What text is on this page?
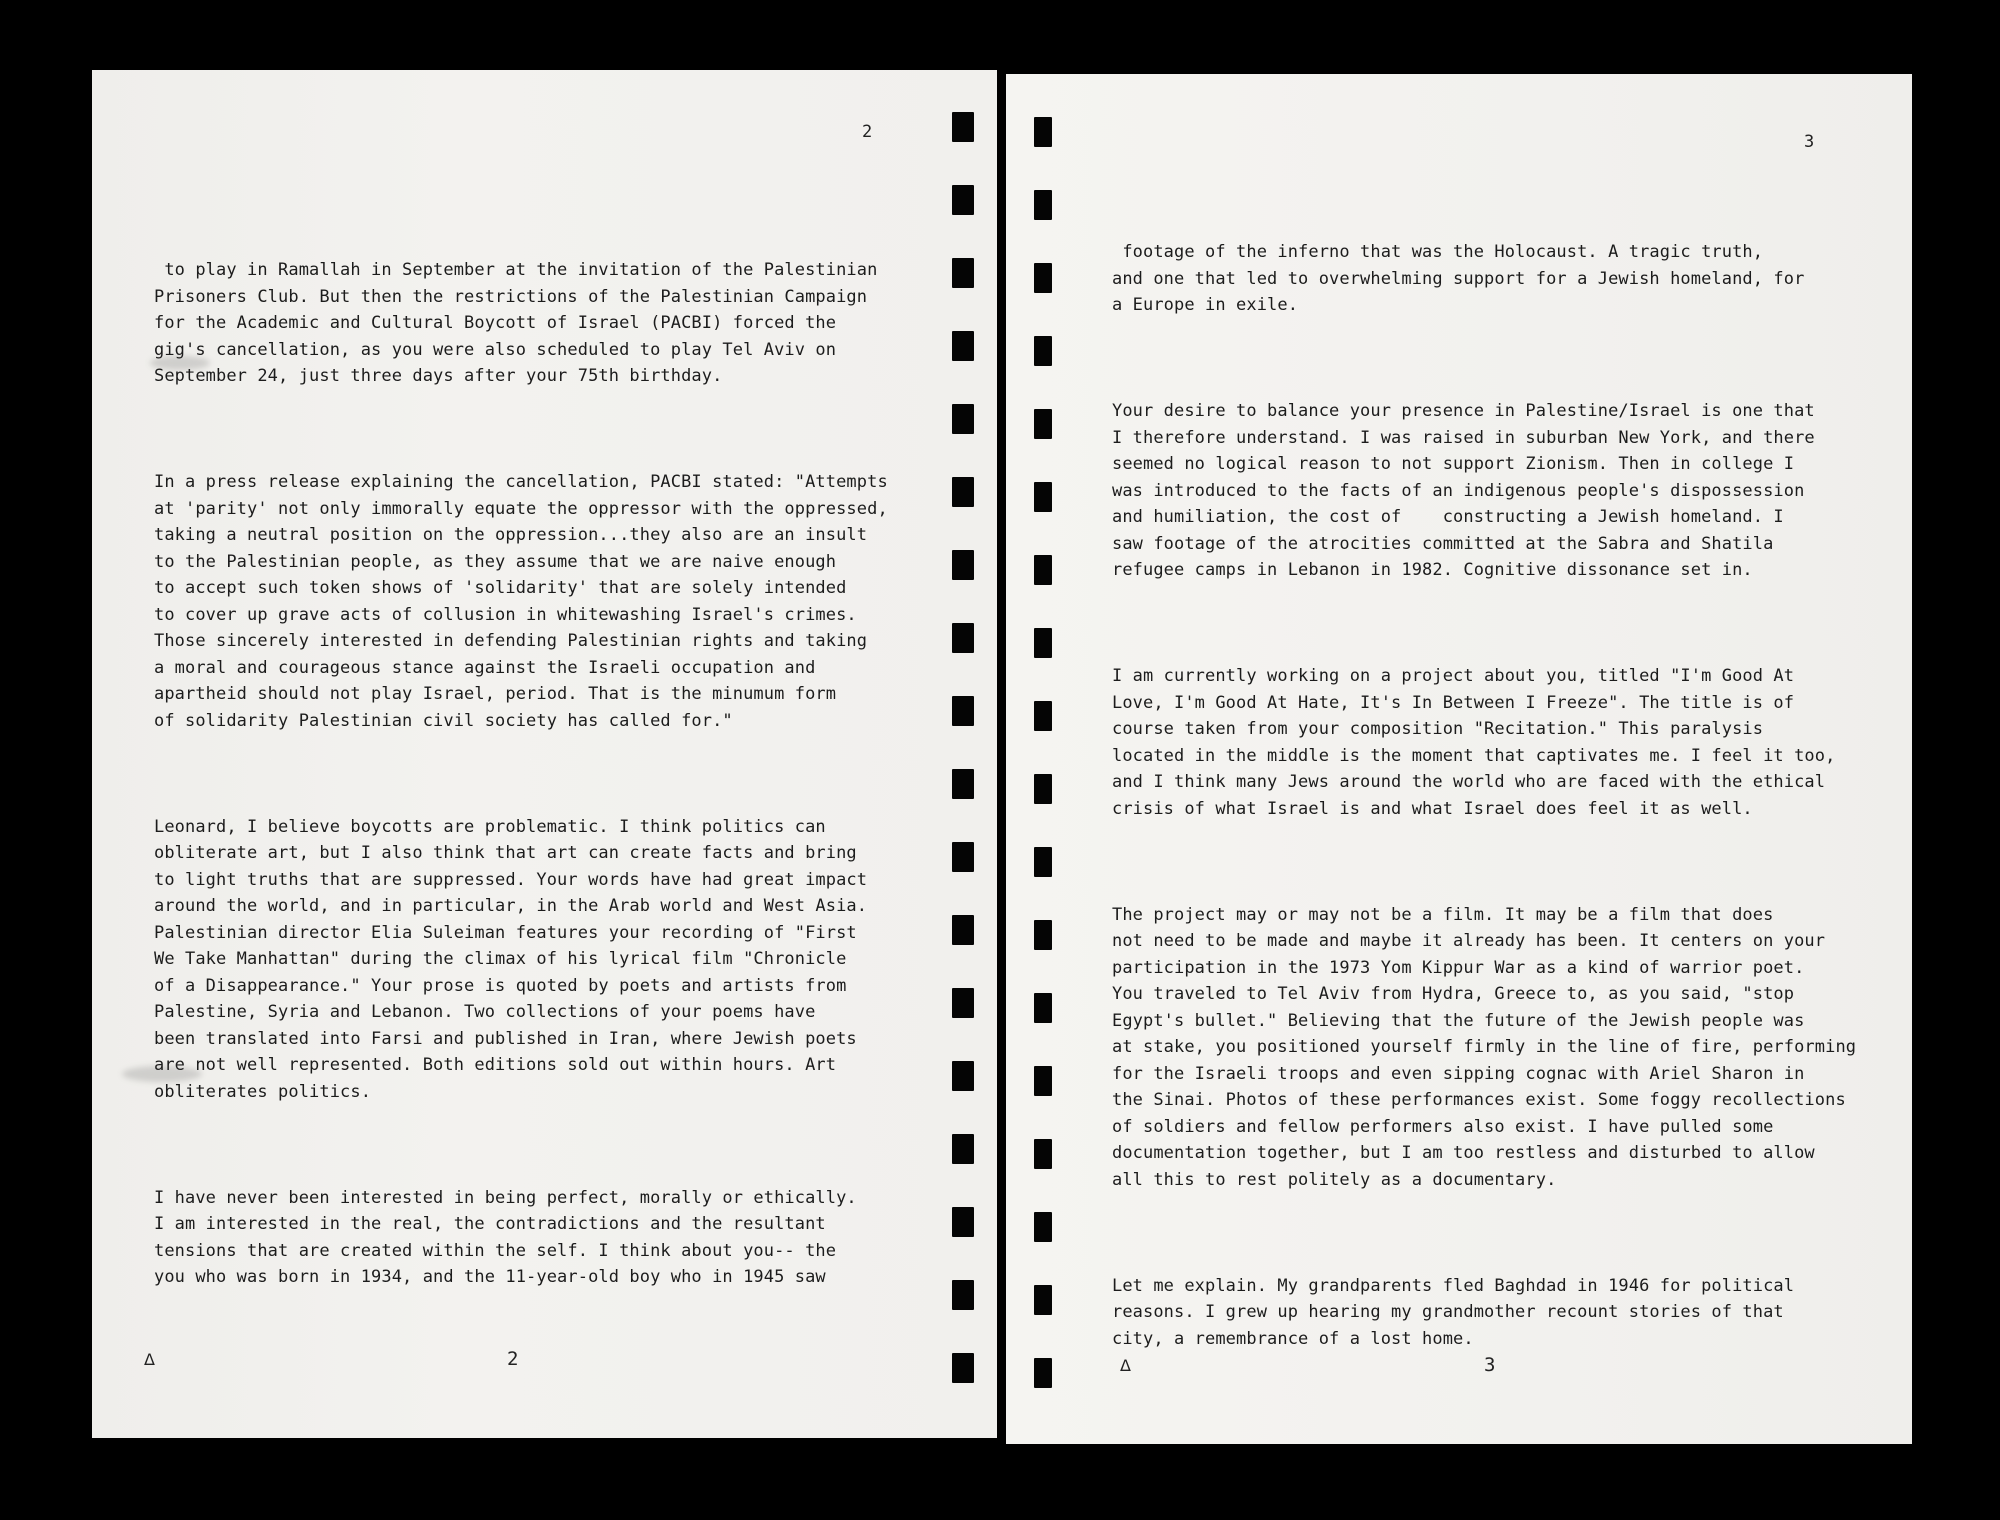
2

to play in Ramallah in September at the invitation of the Palestinian
Prisoners Club. But then the restrictions of the Palestinian Campaign
for the Academic and Cultural Boycott of Israel (PACBI) forced the
gig's cancellation, as you were also scheduled to play Tel Aviv on
September 24, just three days after your 75th birthday.

In a press release explaining the cancellation, PACBI stated: "Attempts
at 'parity' not only immorally equate the oppressor with the oppressed,
taking a neutral position on the oppression...they also are an insult
to the Palestinian people, as they assume that we are naive enough
to accept such token shows of 'solidarity' that are solely intended
to cover up grave acts of collusion in whitewashing Israel's crimes.
Those sincerely interested in defending Palestinian rights and taking
a moral and courageous stance against the Israeli occupation and
apartheid should not play Israel, period. That is the minumum form
of solidarity Palestinian civil society has called for."

Leonard, I believe boycotts are problematic. I think politics can
obliterate art, but I also think that art can create facts and bring
to light truths that are suppressed. Your words have had great impact
around the world, and in particular, in the Arab world and West Asia.
Palestinian director Elia Suleiman features your recording of "First
We Take Manhattan" during the climax of his lyrical film "Chronicle
of a Disappearance." Your prose is quoted by poets and artists from
Palestine, Syria and Lebanon. Two collections of your poems have
been translated into Farsi and published in Iran, where Jewish poets
are not well represented. Both editions sold out within hours. Art
obliterates politics.

I have never been interested in being perfect, morally or ethically.
I am interested in the real, the contradictions and the resultant
tensions that are created within the self. I think about you-- the
you who was born in 1934, and the 11-year-old boy who in 1945 saw

Δ	2
3

footage of the inferno that was the Holocaust. A tragic truth,
and one that led to overwhelming support for a Jewish homeland, for
a Europe in exile.

Your desire to balance your presence in Palestine/Israel is one that
I therefore understand. I was raised in suburban New York, and there
seemed no logical reason to not support Zionism. Then in college I
was introduced to the facts of an indigenous people's dispossession
and humiliation, the cost of    constructing a Jewish homeland. I
saw footage of the atrocities committed at the Sabra and Shatila
refugee camps in Lebanon in 1982. Cognitive dissonance set in.

I am currently working on a project about you, titled "I'm Good At
Love, I'm Good At Hate, It's In Between I Freeze". The title is of
course taken from your composition "Recitation." This paralysis
located in the middle is the moment that captivates me. I feel it too,
and I think many Jews around the world who are faced with the ethical
crisis of what Israel is and what Israel does feel it as well.

The project may or may not be a film. It may be a film that does
not need to be made and maybe it already has been. It centers on your
participation in the 1973 Yom Kippur War as a kind of warrior poet.
You traveled to Tel Aviv from Hydra, Greece to, as you said, "stop
Egypt's bullet." Believing that the future of the Jewish people was
at stake, you positioned yourself firmly in the line of fire, performing
for the Israeli troops and even sipping cognac with Ariel Sharon in
the Sinai. Photos of these performances exist. Some foggy recollections
of soldiers and fellow performers also exist. I have pulled some
documentation together, but I am too restless and disturbed to allow
all this to rest politely as a documentary.

Let me explain. My grandparents fled Baghdad in 1946 for political
reasons. I grew up hearing my grandmother recount stories of that
city, a remembrance of a lost home.

Δ	3
